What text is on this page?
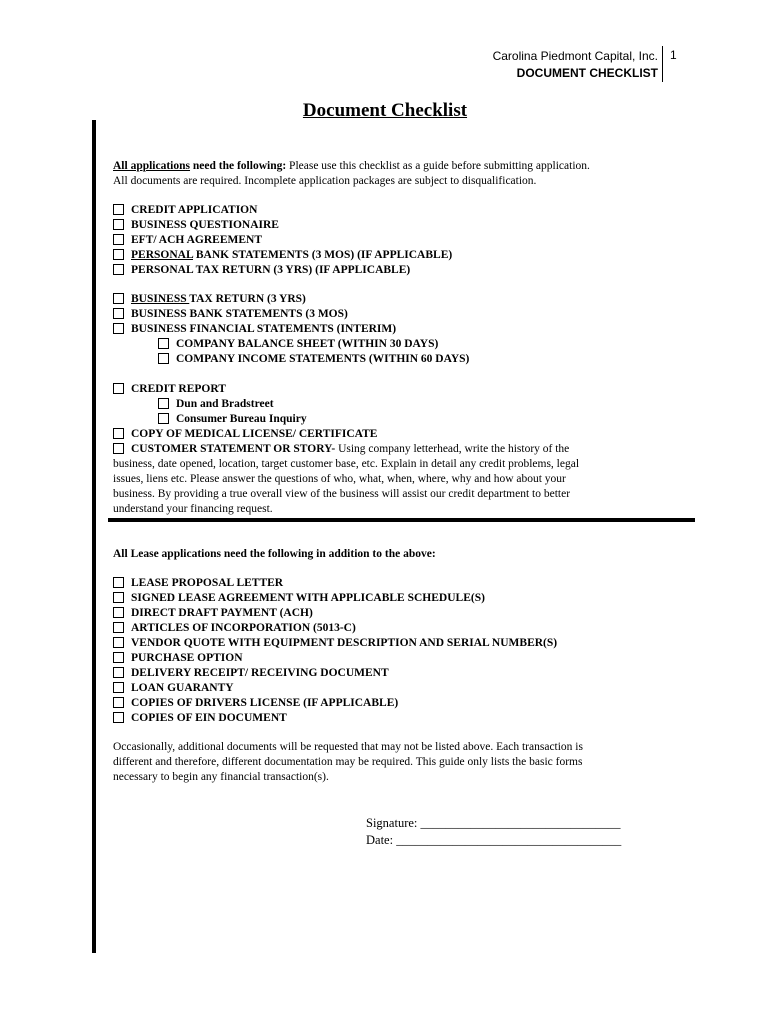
Carolina Piedmont Capital, Inc.
DOCUMENT CHECKLIST
1
Document Checklist
All applications need the following: Please use this checklist as a guide before submitting application.
All documents are required. Incomplete application packages are subject to disqualification.
CREDIT APPLICATION
BUSINESS QUESTIONAIRE
EFT/ ACH AGREEMENT
PERSONAL BANK STATEMENTS (3 MOS) (IF APPLICABLE)
PERSONAL TAX RETURN (3 YRS) (IF APPLICABLE)
BUSINESS TAX RETURN (3 YRS)
BUSINESS BANK STATEMENTS (3 MOS)
BUSINESS FINANCIAL STATEMENTS (INTERIM)
COMPANY BALANCE SHEET (WITHIN 30 DAYS)
COMPANY INCOME STATEMENTS (WITHIN 60 DAYS)
CREDIT REPORT
Dun and Bradstreet
Consumer Bureau Inquiry
COPY OF MEDICAL LICENSE/ CERTIFICATE
CUSTOMER STATEMENT OR STORY- Using company letterhead, write the history of the
business, date opened, location, target customer base, etc. Explain in detail any credit problems, legal
issues, liens etc. Please answer the questions of who, what, when, where, why and how about your
business. By providing a true overall view of the business will assist our credit department to better
understand your financing request.
All Lease applications need the following in addition to the above:
LEASE PROPOSAL LETTER
SIGNED LEASE AGREEMENT WITH APPLICABLE SCHEDULE(S)
DIRECT DRAFT PAYMENT (ACH)
ARTICLES OF INCORPORATION (5013-C)
VENDOR QUOTE WITH EQUIPMENT DESCRIPTION AND SERIAL NUMBER(S)
PURCHASE OPTION
DELIVERY RECEIPT/ RECEIVING DOCUMENT
LOAN GUARANTY
COPIES OF DRIVERS LICENSE (IF APPLICABLE)
COPIES OF EIN DOCUMENT
Occasionally, additional documents will be requested that may not be listed above. Each transaction is
different and therefore, different documentation may be required. This guide only lists the basic forms
necessary to begin any financial transaction(s).
Signature: ________________________________
Date: ____________________________________
